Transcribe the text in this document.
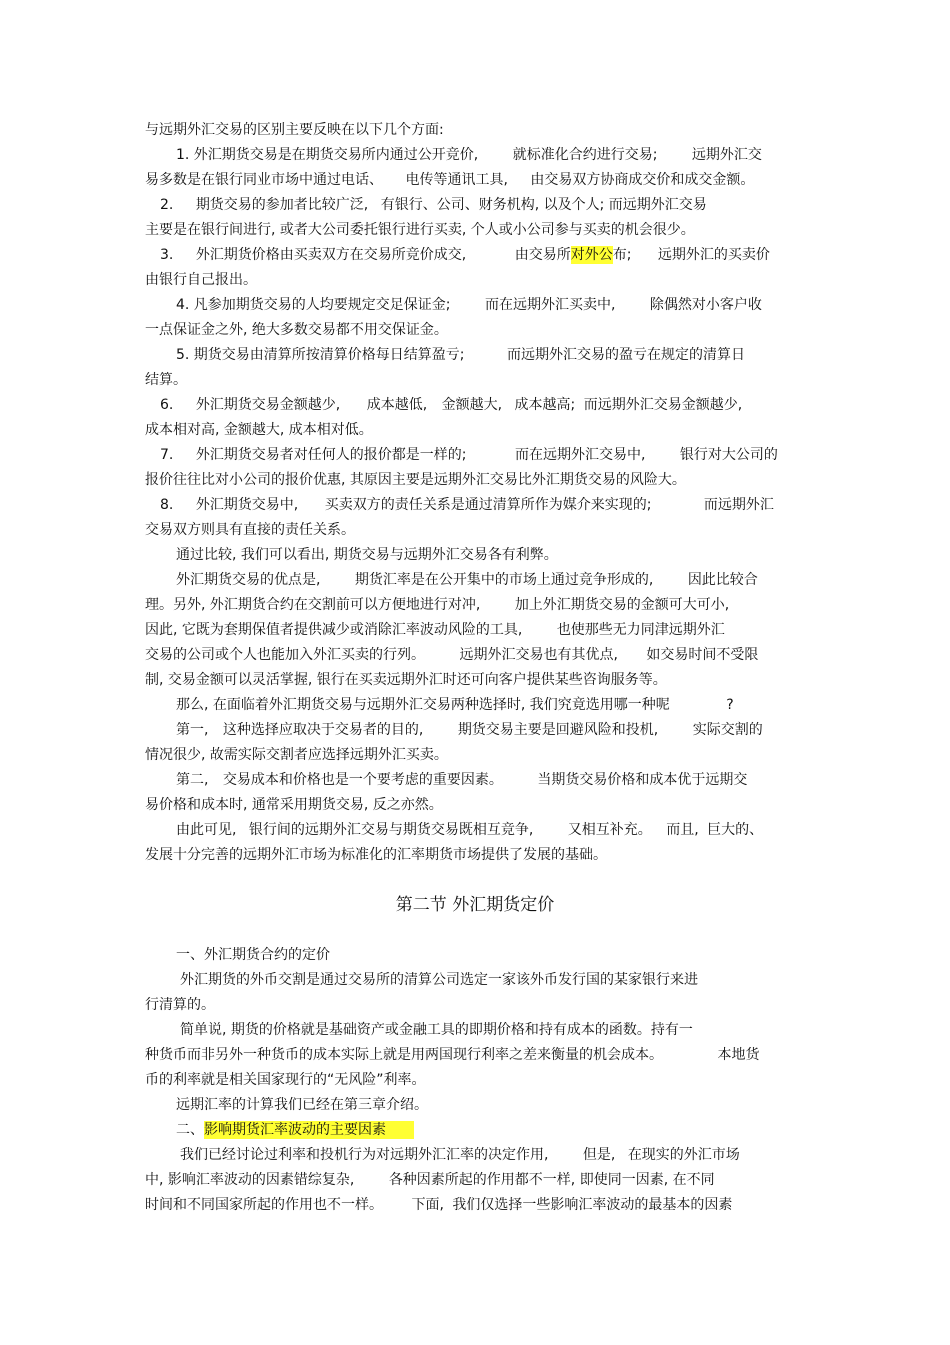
与远期外汇交易的区别主要反映在以下几个方面:
1. 外汇期货交易是在期货交易所内通过公开竞价, 就标准化合约进行交易; 远期外汇交
易多数是在银行同业市场中通过电话、 电传等通讯工具, 由交易双方协商成交价和成交金额。
2. 期货交易的参加者比较广泛, 有银行、公司、财务机构, 以及个人; 而远期外汇交易
主要是在银行间进行, 或者大公司委托银行进行买卖, 个人或小公司参与买卖的机会很少。
3. 外汇期货价格由买卖双方在交易所竞价成交,	由交易所对外公布; 远期外汇的买卖价
由银行自己报出。
4. 凡参加期货交易的人均要规定交足保证金; 而在远期外汇买卖中, 除偶然对小客户收
一点保证金之外, 绝大多数交易都不用交保证金。
5. 期货交易由清算所按清算价格每日结算盈亏;	而远期外汇交易的盈亏在规定的清算日
结算。
6. 外汇期货交易金额越少, 成本越低, 金额越大, 成本越高; 而远期外汇交易金额越少,
成本相对高, 金额越大, 成本相对低。
7. 外汇期货交易者对任何人的报价都是一样的;	而在远期外汇交易中, 银行对大公司的
报价往往比对小公司的报价优惠, 其原因主要是远期外汇交易比外汇期货交易的风险大。
8. 外汇期货交易中, 买卖双方的责任关系是通过清算所作为媒介来实现的;	而远期外汇
交易双方则具有直接的责任关系。
通过比较, 我们可以看出, 期货交易与远期外汇交易各有利弊。
外汇期货交易的优点是, 期货汇率是在公开集中的市场上通过竞争形成的, 因此比较合
理。另外, 外汇期货合约在交割前可以方便地进行对冲, 加上外汇期货交易的金额可大可小,
因此, 它既为套期保值者提供减少或消除汇率波动风险的工具, 也使那些无力同津远期外汇
交易的公司或个人也能加入外汇买卖的行列。 远期外汇交易也有其优点, 如交易时间不受限
制, 交易金额可以灵活掌握, 银行在买卖远期外汇时还可向客户提供某些咨询服务等。
那么, 在面临着外汇期货交易与远期外汇交易两种选择时, 我们究竟选用哪一种呢	?
第一, 这种选择应取决于交易者的目的, 期货交易主要是回避风险和投机, 实际交割的
情况很少, 故需实际交割者应选择远期外汇买卖。
第二, 交易成本和价格也是一个要考虑的重要因素。 当期货交易价格和成本优于远期交
易价格和成本时, 通常采用期货交易, 反之亦然。
由此可见, 银行间的远期外汇交易与期货交易既相互竞争, 又相互补充。 而且, 巨大的、
发展十分完善的远期外汇市场为标准化的汇率期货市场提供了发展的基础。
第二节 外汇期货定价
一、外汇期货合约的定价
外汇期货的外币交割是通过交易所的清算公司选定一家该外币发行国的某家银行来进
行清算的。
简单说, 期货的价格就是基础资产或金融工具的即期价格和持有成本的函数。持有一
种货币而非另外一种货币的成本实际上就是用两国现行利率之差来衡量的机会成本。	本地货
币的利率就是相关国家现行的“无风险”利率。
远期汇率的计算我们已经在第三章介绍。
二、影响期货汇率波动的主要因素
我们已经讨论过利率和投机行为对远期外汇汇率的决定作用, 但是, 在现实的外汇市场
中, 影响汇率波动的因素错综复杂, 各种因素所起的作用都不一样, 即使同一因素, 在不同
时间和不同国家所起的作用也不一样。 下面, 我们仅选择一些影响汇率波动的最基本的因素
